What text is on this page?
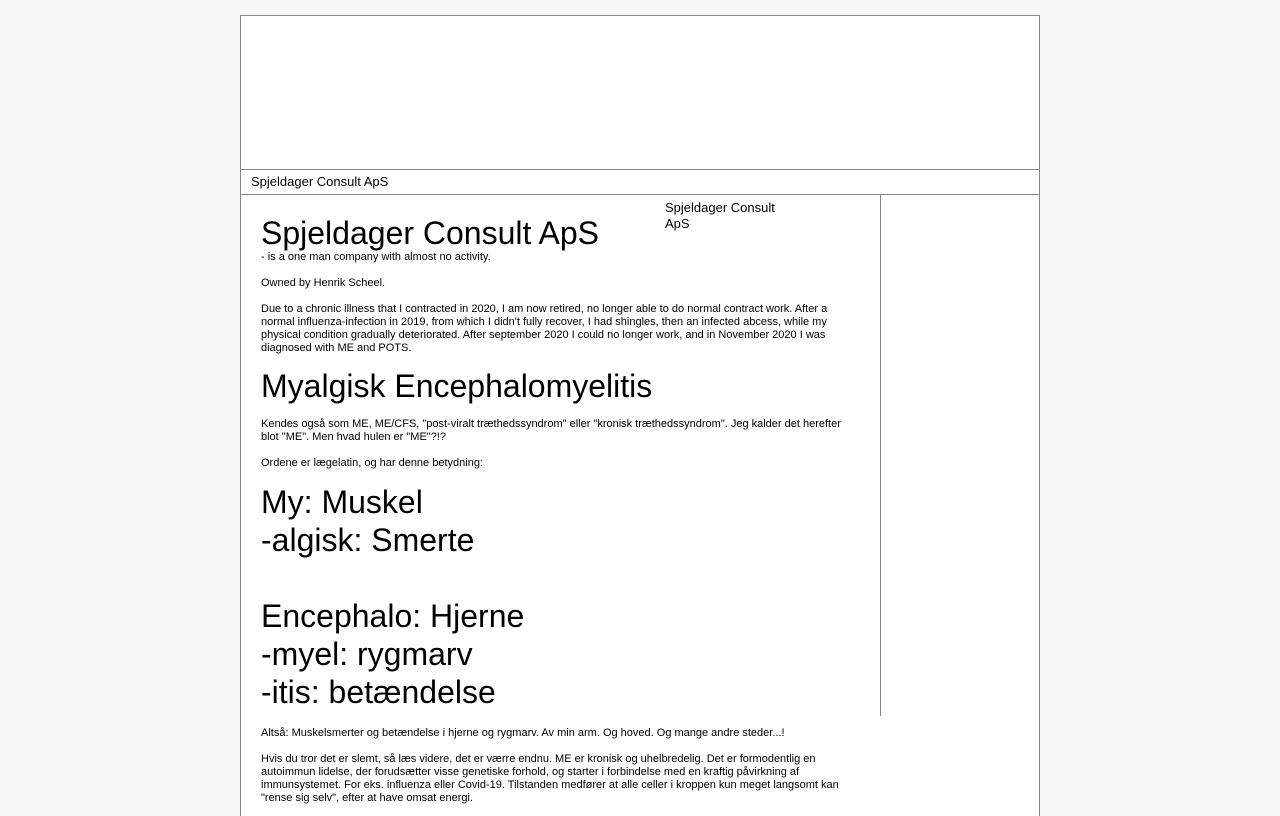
Spjeldager Consult ApS
Spjeldager Consult ApS

- is a one man company with almost no activity.

Owned by Henrik Scheel.

Due to a chronic illness that I contracted in 2020, I am now retired, no longer able to do normal contract work. After a normal influenza-infection in 2019, from which I didn't fully recover, I had shingles, then an infected abcess, while my physical condition gradually deteriorated. After september 2020 I could no longer work, and in November 2020 I was diagnosed with ME and POTS.

Myalgisk Encephalomyelitis

Kendes også som ME, ME/CFS, "post-viralt træthedssyndrom" eller "kronisk træthedssyndrom". Jeg kalder det herefter blot "ME". Men hvad hulen er "ME"?!?

Ordene er lægelatin, og har denne betydning:

My: Muskel
-algisk: Smerte
Encephalo: Hjerne
-myel: rygmarv
-itis: betændelse

Altså: Muskelsmerter og betændelse i hjerne og rygmarv. Av min arm. Og hoved. Og mange andre steder...!

Hvis du tror det er slemt, så læs videre, det er værre endnu. ME er kronisk og uhelbredelig. Det er formodentlig en autoimmun lidelse, der forudsætter visse genetiske forhold, og starter i forbindelse med en kraftig påvirkning af immunsystemet. For eks. influenza eller Covid-19. Tilstanden medfører at alle celler i kroppen kun meget langsomt kan "rense sig selv", efter at have omsat energi.

Spjeldager Consult ApS
